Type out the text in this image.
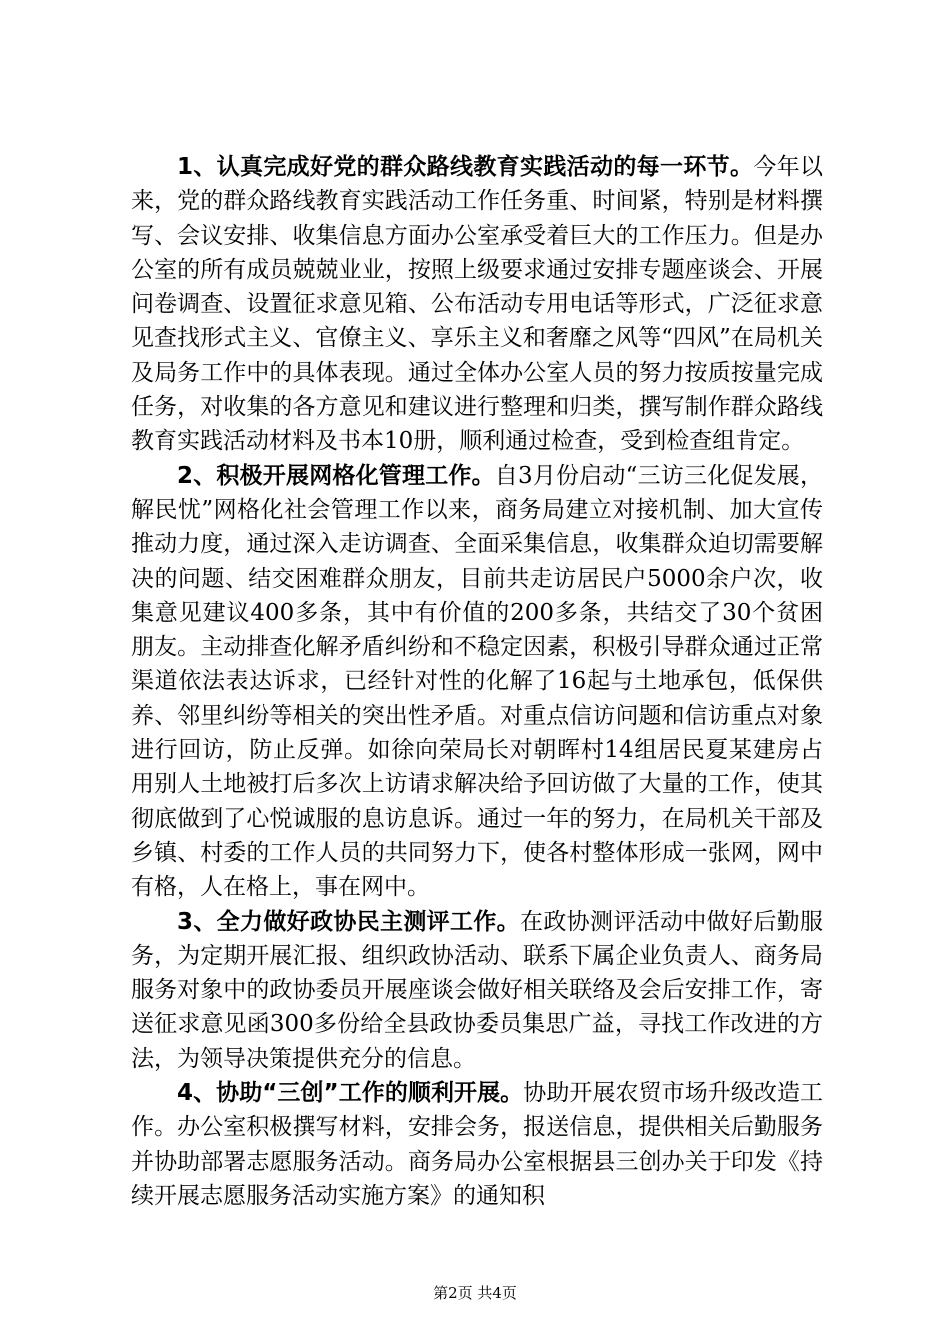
1、认真完成好党的群众路线教育实践活动的每一环节。今年以来，党的群众路线教育实践活动工作任务重、时间紧，特别是材料撰写、会议安排、收集信息方面办公室承受着巨大的工作压力。但是办公室的所有成员兢兢业业，按照上级要求通过安排专题座谈会、开展问卷调查、设置征求意见箱、公布活动专用电话等形式，广泛征求意见查找形式主义、官僚主义、享乐主义和奢靡之风等“四风”在局机关及局务工作中的具体表现。通过全体办公室人员的努力按质按量完成任务，对收集的各方意见和建议进行整理和归类，撰写制作群众路线教育实践活动材料及书本10册，顺利通过检查，受到检查组肯定。

2、积极开展网格化管理工作。自3月份启动“三访三化促发展，解民忧”网格化社会管理工作以来，商务局建立对接机制、加大宣传推动力度，通过深入走访调查、全面采集信息，收集群众迫切需要解决的问题、结交困难群众朋友，目前共走访居民户5000余户次，收集意见建议400多条，其中有价值的200多条，共结交了30个贫困朋友。主动排查化解矛盾纠纷和不稳定因素，积极引导群众通过正常渠道依法表达诉求，已经针对性的化解了16起与土地承包，低保供养、邻里纠纷等相关的突出性矛盾。对重点信访问题和信访重点对象进行回访，防止反弹。如徐向荣局长对朝晖村14组居民夏某建房占用别人土地被打后多次上访请求解决给予回访做了大量的工作，使其彻底做到了心悦诚服的息访息诉。通过一年的努力，在局机关干部及乡镇、村委的工作人员的共同努力下，使各村整体形成一张网，网中有格，人在格上，事在网中。

3、全力做好政协民主测评工作。在政协测评活动中做好后勤服务，为定期开展汇报、组织政协活动、联系下属企业负责人、商务局服务对象中的政协委员开展座谈会做好相关联络及会后安排工作，寄送征求意见函300多份给全县政协委员集思广益，寻找工作改进的方法，为领导决策提供充分的信息。

4、协助“三创”工作的顺利开展。协助开展农贸市场升级改造工作。办公室积极撰写材料，安排会务，报送信息，提供相关后勤服务并协助部署志愿服务活动。商务局办公室根据县三创办关于印发《持续开展志愿服务活动实施方案》的通知积

第2页 共4页
